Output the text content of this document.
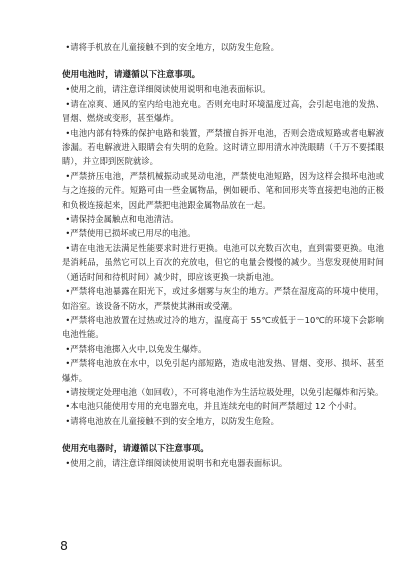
•请将手机放在儿童接触不到的安全地方，以防发生危险。

使用电池时，请遵循以下注意事项。

•使用之前，请注意详细阅读使用说明和电池表面标识。

•请在凉爽、通风的室内给电池充电。否则充电时环境温度过高，会引起电池的发热、冒烟、燃烧或变形，甚至爆炸。

•电池内部有特殊的保护电路和装置，严禁擅自拆开电池，否则会造成短路或者电解液渗漏。若电解液进入眼睛会有失明的危险。这时请立即用清水冲洗眼睛（千万不要揉眼睛），并立即到医院就诊。

•严禁挤压电池，严禁机械振动或晃动电池，严禁使电池短路，因为这样会损坏电池或与之连接的元件。短路可由一些金属物品，例如硬币、笔和回形夹等直接把电池的正极和负极连接起来，因此严禁把电池跟金属物品放在一起。

•请保持金属触点和电池清洁。

•严禁使用已损坏或已用尽的电池。

•请在电池无法满足性能要求时进行更换。电池可以充数百次电，直到需要更换。电池是消耗品，虽然它可以上百次的充放电，但它的电量会慢慢的减少。当您发现使用时间（通话时间和待机时间）减少时，即应该更换一块新电池。

•严禁将电池暴露在阳光下，或过多烟雾与灰尘的地方。严禁在湿度高的环境中使用，如浴室。该设备不防水，严禁使其淋雨或受潮。

•严禁将电池放置在过热或过冷的地方，温度高于 55℃或低于－10℃的环境下会影响电池性能。

•严禁将电池掷入火中,以免发生爆炸。

•严禁将电池放在水中，以免引起内部短路，造成电池发热、冒烟、变形、损坏、甚至爆炸。

•请按规定处理电池（如回收），不可将电池作为生活垃圾处理，以免引起爆炸和污染。

•本电池只能使用专用的充电器充电，并且连续充电的时间严禁超过 12 个小时。

•请将电池放在儿童接触不到的安全地方，以防发生危险。

使用充电器时，请遵循以下注意事项。

•使用之前，请注意详细阅读使用说明书和充电器表面标识。

8
